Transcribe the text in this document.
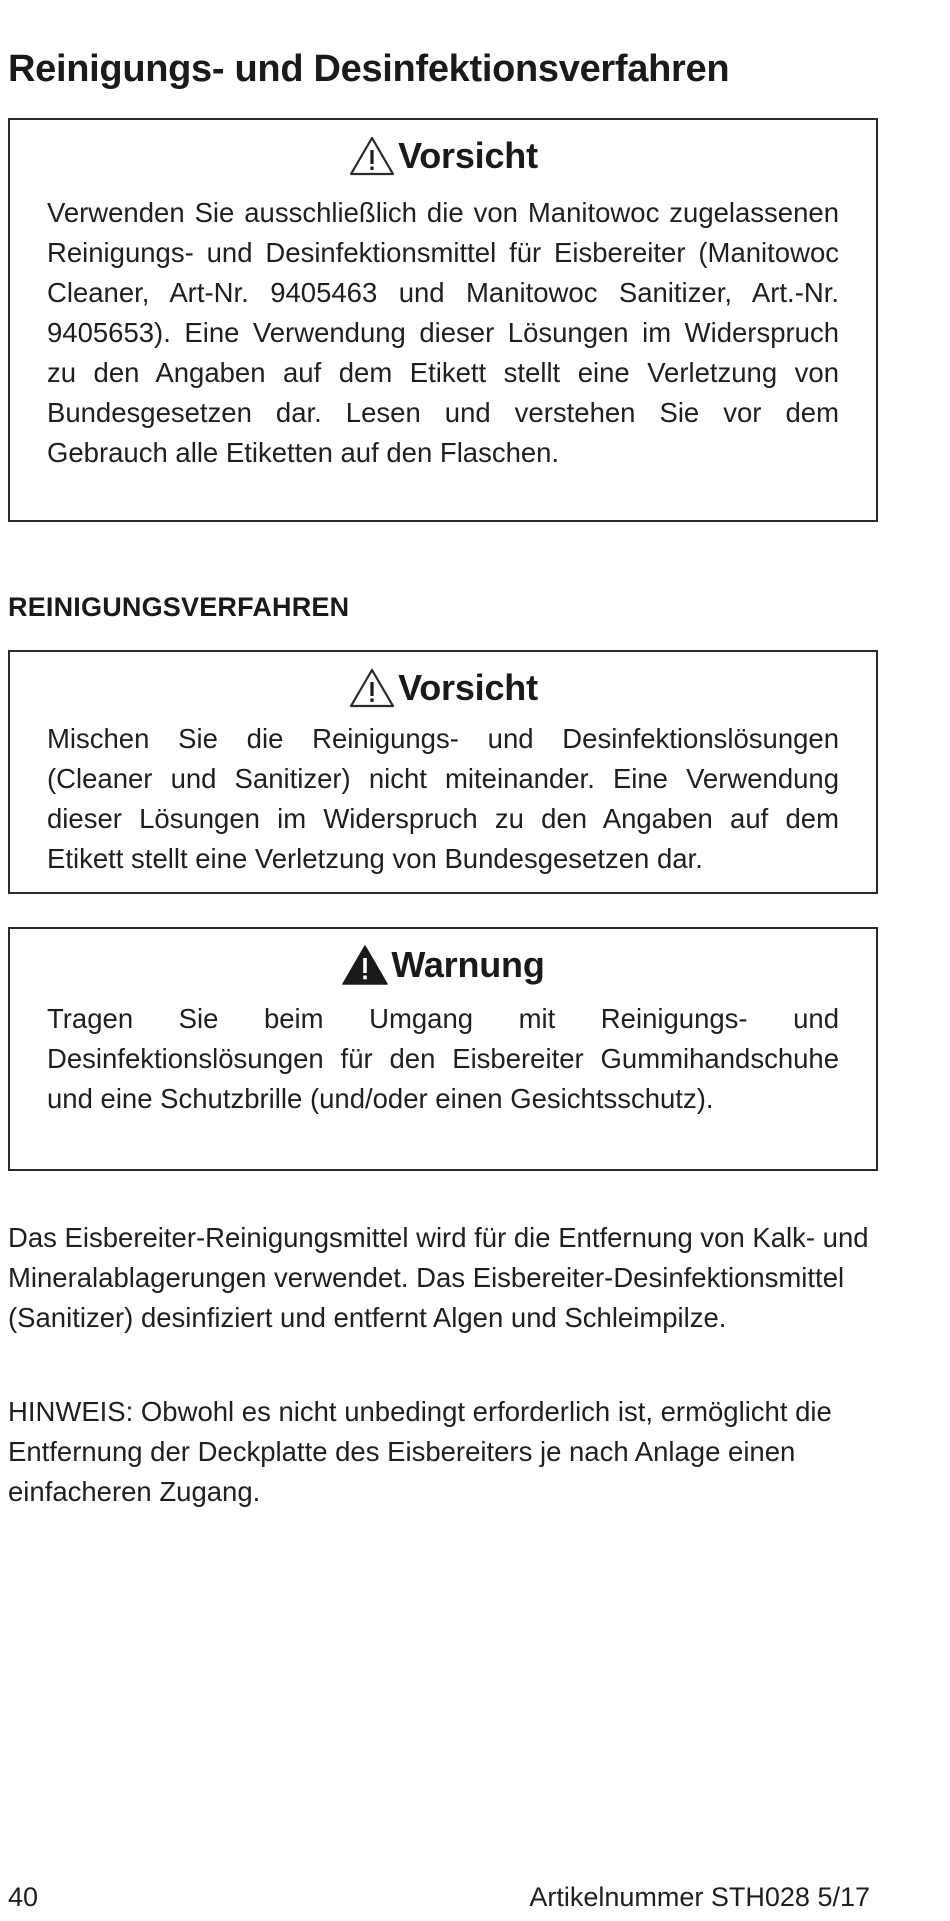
Reinigungs- und Desinfektionsverfahren
Vorsicht

Verwenden Sie ausschließlich die von Manitowoc zugelassenen Reinigungs- und Desinfektionsmittel für Eisbereiter (Manitowoc Cleaner, Art-Nr. 9405463 und Manitowoc Sanitizer, Art.-Nr. 9405653). Eine Verwendung dieser Lösungen im Widerspruch zu den Angaben auf dem Etikett stellt eine Verletzung von Bundesgesetzen dar. Lesen und verstehen Sie vor dem Gebrauch alle Etiketten auf den Flaschen.

REINIGUNGSVERFAHREN
Vorsicht

Mischen Sie die Reinigungs- und Desinfektionslösungen (Cleaner und Sanitizer) nicht miteinander. Eine Verwendung dieser Lösungen im Widerspruch zu den Angaben auf dem Etikett stellt eine Verletzung von Bundesgesetzen dar.

Warnung

Tragen Sie beim Umgang mit Reinigungs- und Desinfektionslösungen für den Eisbereiter Gummihandschuhe und eine Schutzbrille (und/oder einen Gesichtsschutz).

Das Eisbereiter-Reinigungsmittel wird für die Entfernung von Kalk- und Mineralablagerungen verwendet. Das Eisbereiter-Desinfektionsmittel (Sanitizer) desinfiziert und entfernt Algen und Schleimpilze.

HINWEIS: Obwohl es nicht unbedingt erforderlich ist, ermöglicht die Entfernung der Deckplatte des Eisbereiters je nach Anlage einen einfacheren Zugang.

40	Artikelnummer STH028 5/17
